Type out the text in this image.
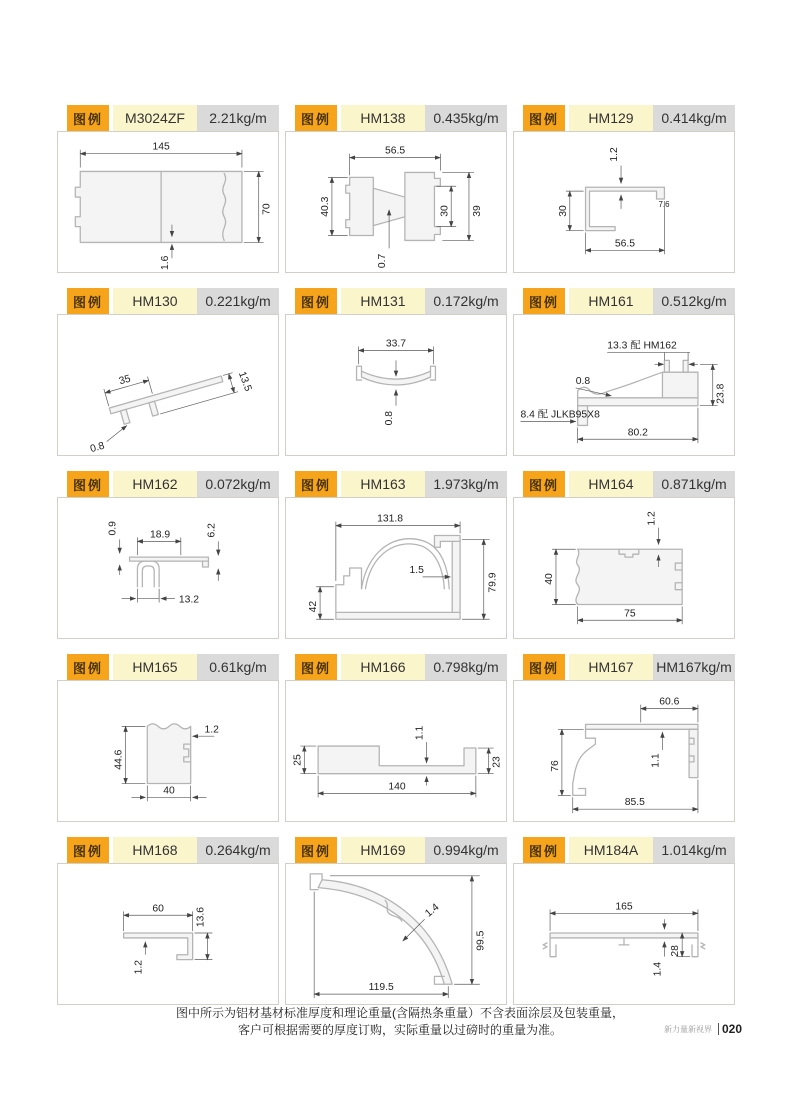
图例	M3024ZF	2.21kg/m
145
70
1.6
图例	HM138	0.435kg/m
56.5
40.3	30 39
0.7
图例	HM129	0.414kg/m
1.2
7.6
30
56.5
图例	HM130	0.221kg/m
35	13.5
0.8
图例	HM131	0.172kg/m
33.7
0.8
图例	HM161	0.512kg/m
13.3 配 HM162
0.8
8.4 配 JLKB95X8
80.2
23.8
图例	HM162	0.072kg/m
18.9
0.9	6.2
13.2
图例	HM163	1.973kg/m
131.8
1.5
79.9
42
图例	HM164	0.871kg/m
1.2
40
75
图例	HM165	0.61kg/m
44.6
1.2
40
图例	HM166	0.798kg/m
25
1.1
23
140
图例	HM167	HM167kg/m
60.6
1.1
76
85.5
图例	HM168	0.264kg/m
60	13.6
1.2
图例	HM169	0.994kg/m
1.4
99.5
119.5
图例	HM184A	1.014kg/m
165
1.4
28
图中所示为铝材基材标准厚度和理论重量(含隔热条重量）不含表面涂层及包装重量，
客户可根据需要的厚度订购，实际重量以过磅时的重量为准。	新力量新视界 020
